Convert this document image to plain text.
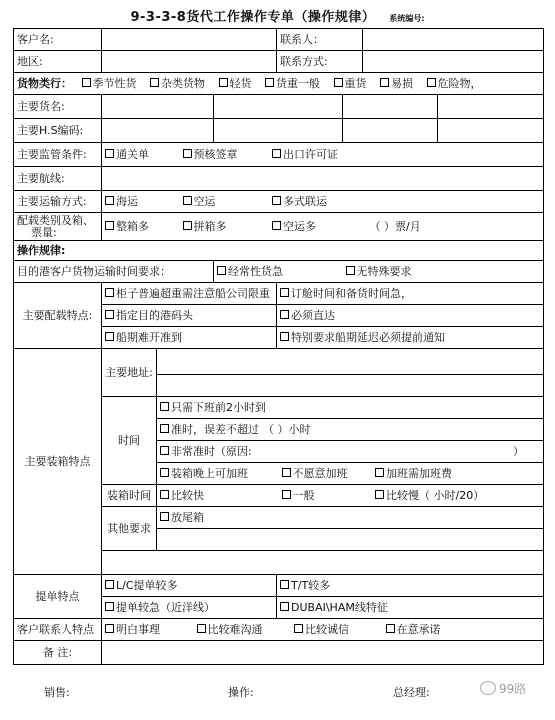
9-3-3-8货代工作操作专单（操作规律） 系统编号:
客户名:				联系人：			
地区:				联系方式:			
货物类行： 季节性货 杂类货物 轻货 货重一般 重货 易损 危险物，							
主要货名:							
主要H.S编码:							
主要监管条件:	通关单 预核签章 出口许可证						
主要航线:							
主要运输方式:	海运 空运 多式联运						
配载类别及箱、
票量:	整箱多 拼箱多 空运多 （ ）票/月						
操作规律:							
目的港客户货物运输时间要求：			经常性货急		无特殊要求		
主要配载特点:	柜子普遍超重需注意船公司限重			订舱时间和备货时间急，			
	指定目的港码头			必须直达			
	船期难开准到			特别要求船期延迟必须提前通知			
主要装箱特点	主要地址:						

	时间	只需下班前2小时到					
		准时，误差不超过 （ ）小时					
		非常准时（原因: ）					

		装箱晚上可加班 不愿意加班 加班需加班费					
	装箱时间	比较快 一般 比较慢（ 小时/20）					
	其他要求	放尾箱					

提单特点	L/C提单较多			T/T较多			
	提单较急（近洋线）			DUBAI\HAM线特征			
客户联系人特点	明白事理 比较难沟通 比较诚信 在意承诺						
备 注:							
销售:	操作:	总经理:	99路
